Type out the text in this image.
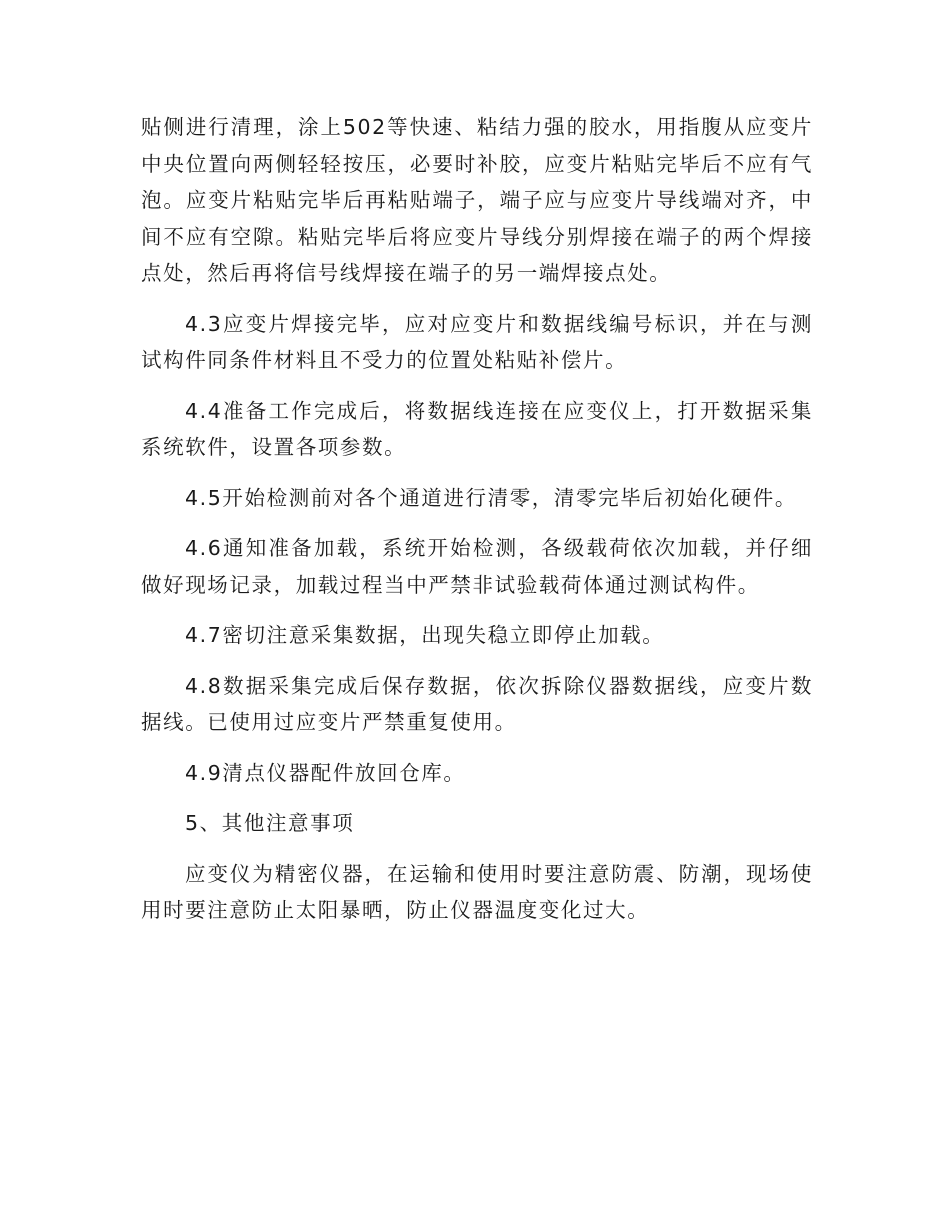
贴侧进行清理，涂上502等快速、粘结力强的胶水，用指腹从应变片中央位置向两侧轻轻按压，必要时补胶，应变片粘贴完毕后不应有气泡。应变片粘贴完毕后再粘贴端子，端子应与应变片导线端对齐，中间不应有空隙。粘贴完毕后将应变片导线分别焊接在端子的两个焊接点处，然后再将信号线焊接在端子的另一端焊接点处。

4.3应变片焊接完毕，应对应变片和数据线编号标识，并在与测试构件同条件材料且不受力的位置处粘贴补偿片。

4.4准备工作完成后，将数据线连接在应变仪上，打开数据采集系统软件，设置各项参数。

4.5开始检测前对各个通道进行清零，清零完毕后初始化硬件。

4.6通知准备加载，系统开始检测，各级载荷依次加载，并仔细做好现场记录，加载过程当中严禁非试验载荷体通过测试构件。

4.7密切注意采集数据，出现失稳立即停止加载。

4.8数据采集完成后保存数据，依次拆除仪器数据线，应变片数据线。已使用过应变片严禁重复使用。

4.9清点仪器配件放回仓库。

5、其他注意事项

应变仪为精密仪器，在运输和使用时要注意防震、防潮，现场使用时要注意防止太阳暴晒，防止仪器温度变化过大。
